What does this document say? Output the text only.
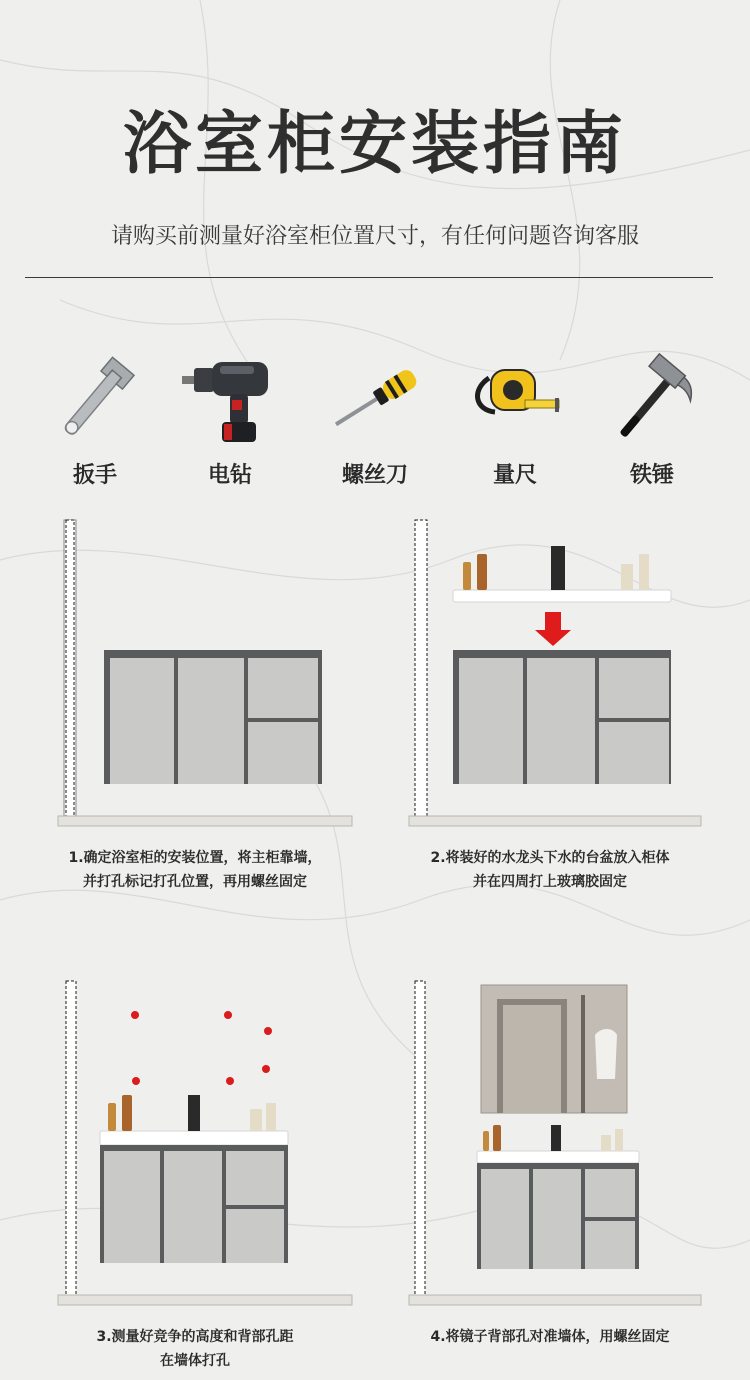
浴室柜安装指南
请购买前测量好浴室柜位置尺寸，有任何问题咨询客服
扳手	电钻	螺丝刀	量尺	铁锤
1.确定浴室柜的安装位置，将主柜靠墙，
并打孔标记打孔位置，再用螺丝固定
2.将装好的水龙头下水的台盆放入柜体
并在四周打上玻璃胶固定
3.测量好竞争的高度和背部孔距
在墙体打孔
4.将镜子背部孔对准墙体，用螺丝固定
